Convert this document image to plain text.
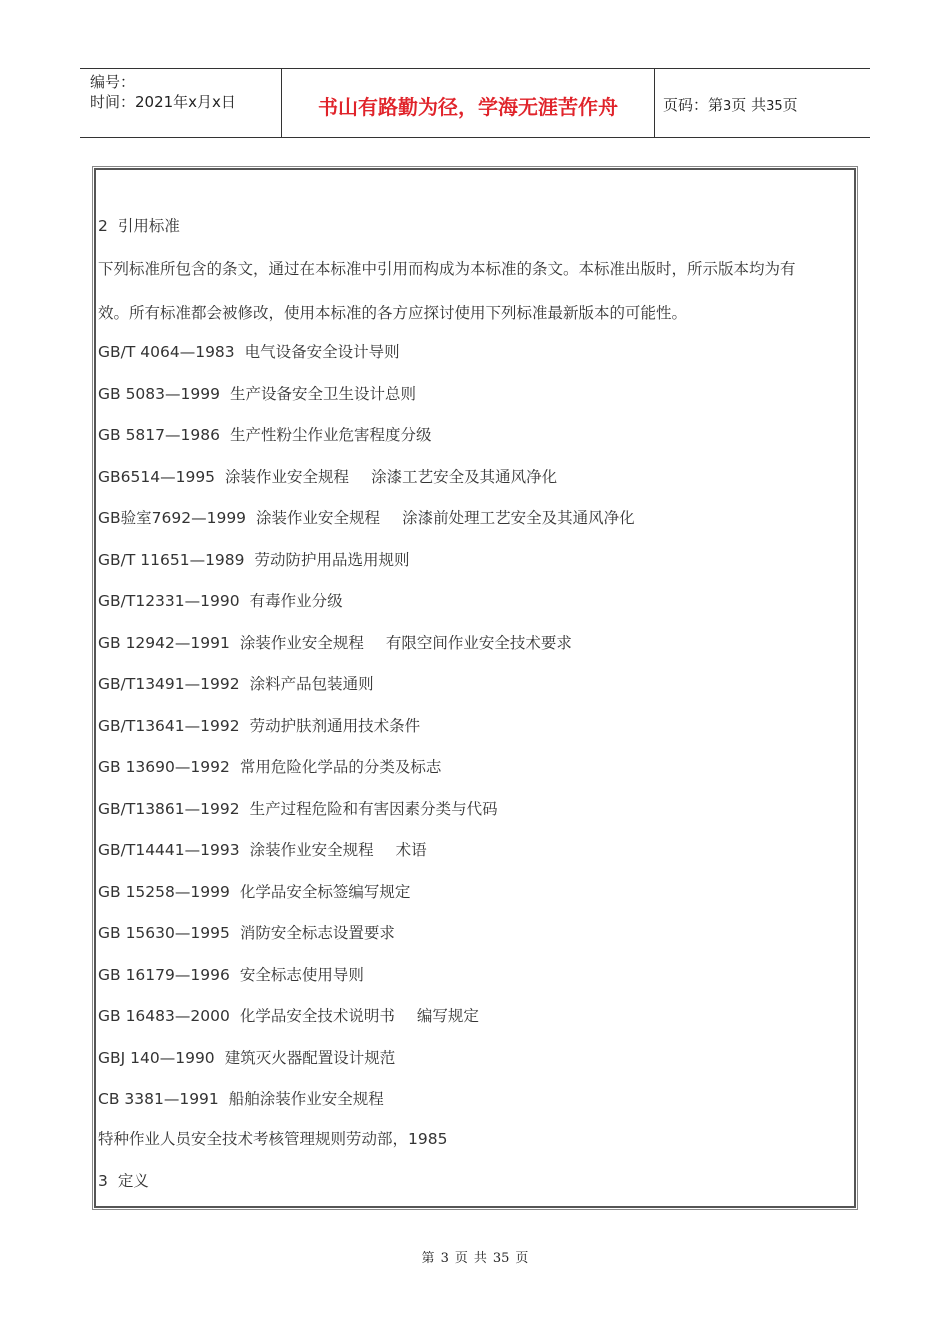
编号：
时间：2021年x月x日	书山有路勤为径，学海无涯苦作舟	页码：第3页 共35页
2 引用标准
下列标准所包含的条文，通过在本标准中引用而构成为本标准的条文。本标准出版时，所示版本均为有
效。所有标准都会被修改，使用本标准的各方应探讨使用下列标准最新版本的可能性。
GB/T 4064—1983 电气设备安全设计导则
GB 5083—1999 生产设备安全卫生设计总则
GB 5817—1986 生产性粉尘作业危害程度分级
GB6514—1995 涂装作业安全规程 涂漆工艺安全及其通风净化
GB验室7692—1999 涂装作业安全规程 涂漆前处理工艺安全及其通风净化
GB/T 11651—1989 劳动防护用品选用规则
GB/T12331—1990 有毒作业分级
GB 12942—1991 涂装作业安全规程 有限空间作业安全技术要求
GB/T13491—1992 涂料产品包装通则
GB/T13641—1992 劳动护肤剂通用技术条件
GB 13690—1992 常用危险化学品的分类及标志
GB/T13861—1992 生产过程危险和有害因素分类与代码
GB/T14441—1993 涂装作业安全规程 术语
GB 15258—1999 化学品安全标签编写规定
GB 15630—1995 消防安全标志设置要求
GB 16179—1996 安全标志使用导则
GB 16483—2000 化学品安全技术说明书 编写规定
GBJ 140—1990 建筑灭火器配置设计规范
CB 3381—1991 船舶涂装作业安全规程
特种作业人员安全技术考核管理规则劳动部，1985
3 定义
第 3 页 共 35 页
